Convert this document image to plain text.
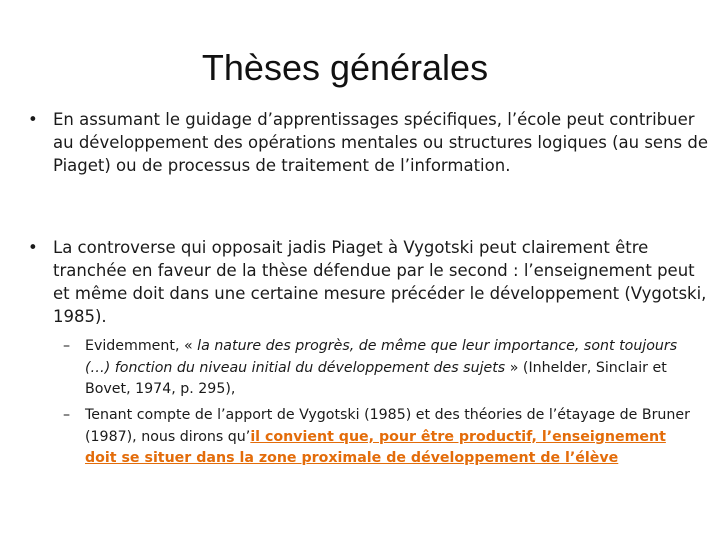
Thèses générales
• En assumant le guidage d’apprentissages spécifiques, l’école peut contribuer au développement des opérations mentales ou structures logiques (au sens de Piaget) ou de processus de traitement de l’information.
• La controverse qui opposait jadis Piaget à Vygotski peut clairement être tranchée en faveur de la thèse défendue par le second : l’enseignement peut et même doit dans une certaine mesure précéder le développement (Vygotski, 1985).
– Evidemment, « la nature des progrès, de même que leur importance, sont toujours (…) fonction du niveau initial du développement des sujets » (Inhelder, Sinclair et Bovet, 1974, p. 295),
– Tenant compte de l’apport de Vygotski (1985) et des théories de l’étayage de Bruner (1987), nous dirons qu’il convient que, pour être productif, l’enseignement doit se situer dans la zone proximale de développement de l’élève
